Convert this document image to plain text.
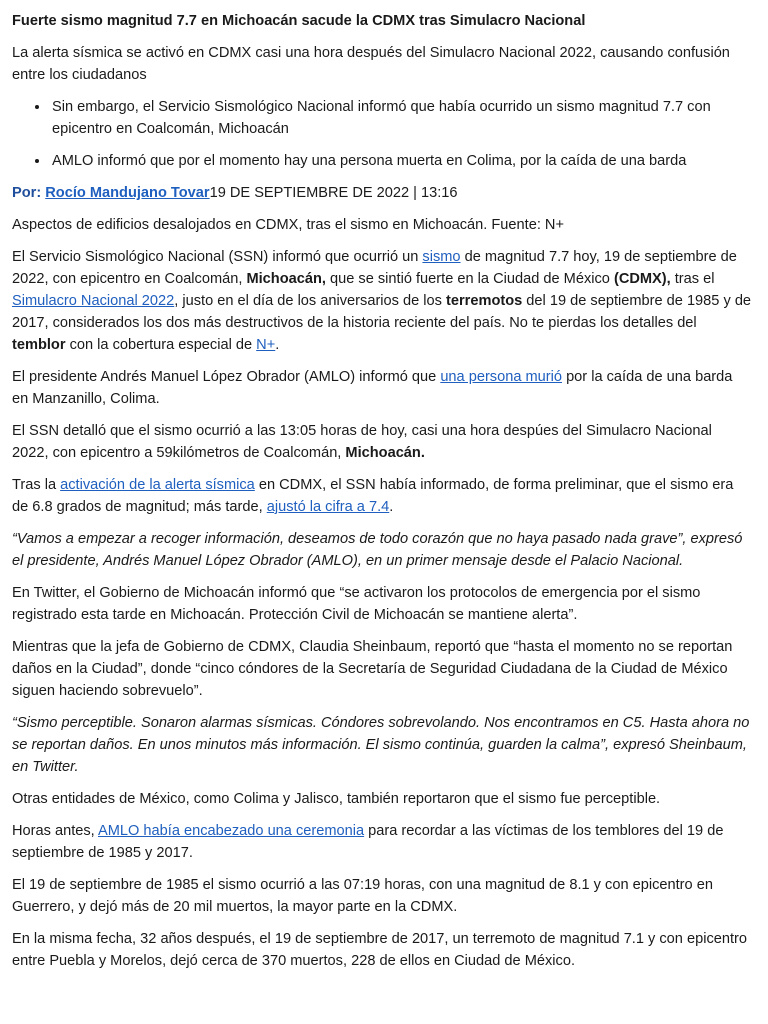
Fuerte sismo magnitud 7.7 en Michoacán sacude la CDMX tras Simulacro Nacional

La alerta sísmica se activó en CDMX casi una hora después del Simulacro Nacional 2022, causando confusión entre los ciudadanos

• Sin embargo, el Servicio Sismológico Nacional informó que había ocurrido un sismo magnitud 7.7 con epicentro en Coalcomán, Michoacán
• AMLO informó que por el momento hay una persona muerta en Colima, por la caída de una barda

Por: Rocío Mandujano Tovar19 DE SEPTIEMBRE DE 2022 | 13:16

Aspectos de edificios desalojados en CDMX, tras el sismo en Michoacán. Fuente: N+

El Servicio Sismológico Nacional (SSN) informó que ocurrió un sismo de magnitud 7.7 hoy, 19 de septiembre de 2022, con epicentro en Coalcomán, Michoacán, que se sintió fuerte en la Ciudad de México (CDMX), tras el Simulacro Nacional 2022, justo en el día de los aniversarios de los terremotos del 19 de septiembre de 1985 y de 2017, considerados los dos más destructivos de la historia reciente del país. No te pierdas los detalles del temblor con la cobertura especial de N+.

El presidente Andrés Manuel López Obrador (AMLO) informó que una persona murió por la caída de una barda en Manzanillo, Colima.

El SSN detalló que el sismo ocurrió a las 13:05 horas de hoy, casi una hora despúes del Simulacro Nacional 2022, con epicentro a 59kilómetros de Coalcomán, Michoacán.

Tras la activación de la alerta sísmica en CDMX, el SSN había informado, de forma preliminar, que el sismo era de 6.8 grados de magnitud; más tarde, ajustó la cifra a 7.4.

“Vamos a empezar a recoger información, deseamos de todo corazón que no haya pasado nada grave”, expresó el presidente, Andrés Manuel López Obrador (AMLO), en un primer mensaje desde el Palacio Nacional.

En Twitter, el Gobierno de Michoacán informó que “se activaron los protocolos de emergencia por el sismo registrado esta tarde en Michoacán. Protección Civil de Michoacán se mantiene alerta”.

Mientras que la jefa de Gobierno de CDMX, Claudia Sheinbaum, reportó que “hasta el momento no se reportan daños en la Ciudad”, donde “cinco cóndores de la Secretaría de Seguridad Ciudadana de la Ciudad de México siguen haciendo sobrevuelo”.

“Sismo perceptible. Sonaron alarmas sísmicas. Cóndores sobrevolando. Nos encontramos en C5. Hasta ahora no se reportan daños. En unos minutos más información. El sismo continúa, guarden la calma”, expresó Sheinbaum, en Twitter.

Otras entidades de México, como Colima y Jalisco, también reportaron que el sismo fue perceptible.

Horas antes, AMLO había encabezado una ceremonia para recordar a las víctimas de los temblores del 19 de septiembre de 1985 y 2017.

El 19 de septiembre de 1985 el sismo ocurrió a las 07:19 horas, con una magnitud de 8.1 y con epicentro en Guerrero, y dejó más de 20 mil muertos, la mayor parte en la CDMX.

En la misma fecha, 32 años después, el 19 de septiembre de 2017, un terremoto de magnitud 7.1 y con epicentro entre Puebla y Morelos, dejó cerca de 370 muertos, 228 de ellos en Ciudad de México.
